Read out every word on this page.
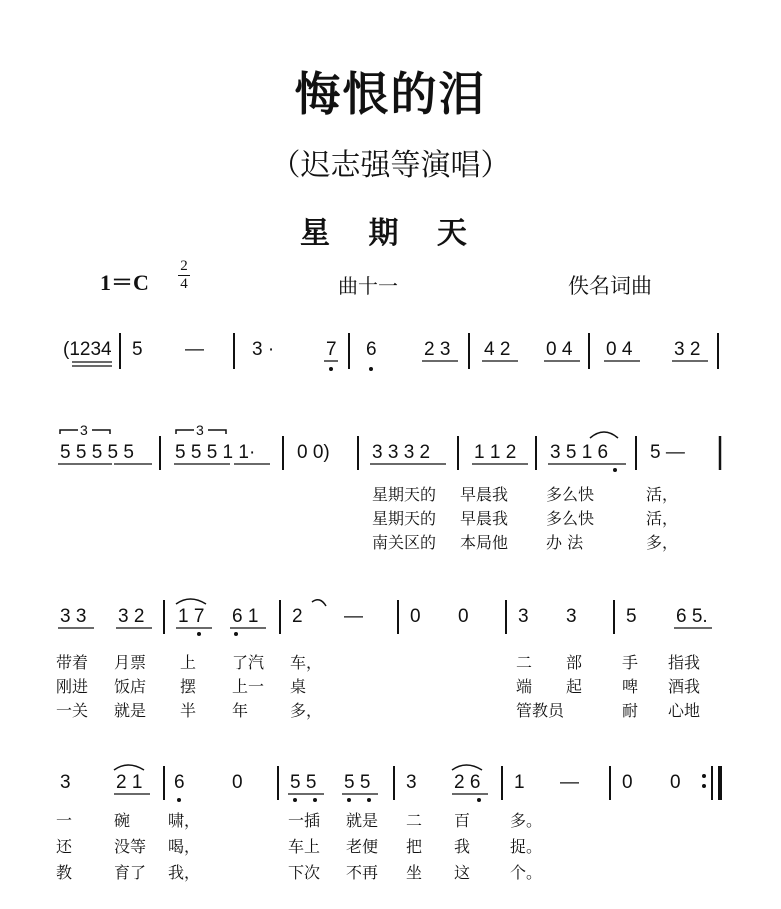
悔恨的泪
（迟志强等演唱）
星 期 天
1＝C
2
4	曲十一	佚名词曲
(1234 5 —	3 ·	7 6 2 3 4 2 0 4 0 4 3 2
3
5 5 5 5 5
3
5 5 5 1 1· 0 0) 3 3 3 2 1 1 2 3 5 1 6 5 —
星期天的 早晨我 多么快	活，
星期天的 早晨我 多么快	活，
南关区的 本局他 办 法	多，
3 3 3 2 1 7 6 1 2 — 0 0	3 3	5 6 5.
带着 月票 上 了汽 车，	二 部 手 指我
刚进 饭店 摆 上一 桌	端 起 啤 酒我
一关 就是 半 年	多，	管教员	耐 心地
3 2 1 6 0 5 5 5 5 3 2 6 1 — 0 0
一	碗 啸，	一插 就是 二 百 多。
还	没等 喝，	车上 老便 把 我 捉。
教	育了 我，	下次 不再 坐 这 个。
